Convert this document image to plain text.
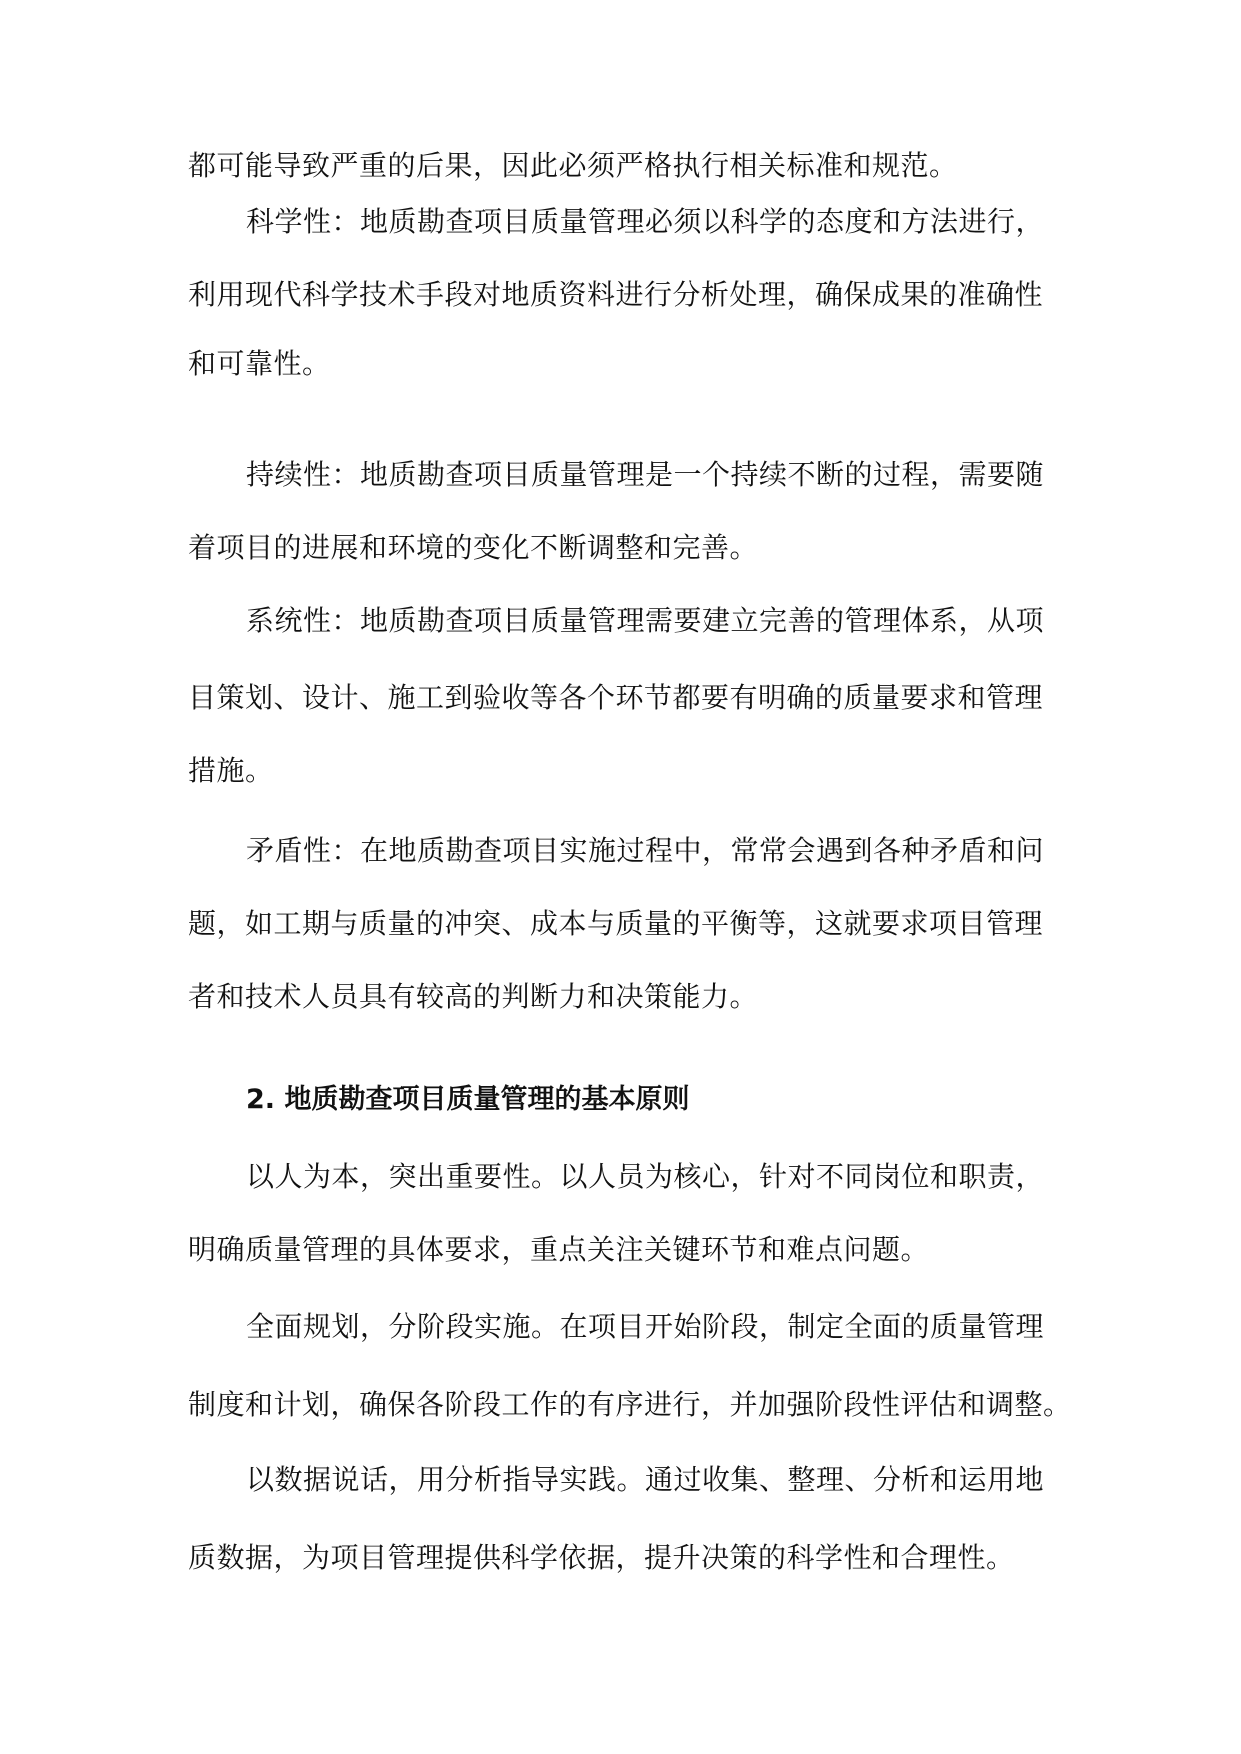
都可能导致严重的后果，因此必须严格执行相关标准和规范。
科学性：地质勘查项目质量管理必须以科学的态度和方法进行，
利用现代科学技术手段对地质资料进行分析处理，确保成果的准确性
和可靠性。
持续性：地质勘查项目质量管理是一个持续不断的过程，需要随
着项目的进展和环境的变化不断调整和完善。
系统性：地质勘查项目质量管理需要建立完善的管理体系，从项
目策划、设计、施工到验收等各个环节都要有明确的质量要求和管理
措施。
矛盾性：在地质勘查项目实施过程中，常常会遇到各种矛盾和问
题，如工期与质量的冲突、成本与质量的平衡等，这就要求项目管理
者和技术人员具有较高的判断力和决策能力。
2. 地质勘查项目质量管理的基本原则
以人为本，突出重要性。以人员为核心，针对不同岗位和职责，
明确质量管理的具体要求，重点关注关键环节和难点问题。
全面规划，分阶段实施。在项目开始阶段，制定全面的质量管理
制度和计划，确保各阶段工作的有序进行，并加强阶段性评估和调整。
以数据说话，用分析指导实践。通过收集、整理、分析和运用地
质数据，为项目管理提供科学依据，提升决策的科学性和合理性。
